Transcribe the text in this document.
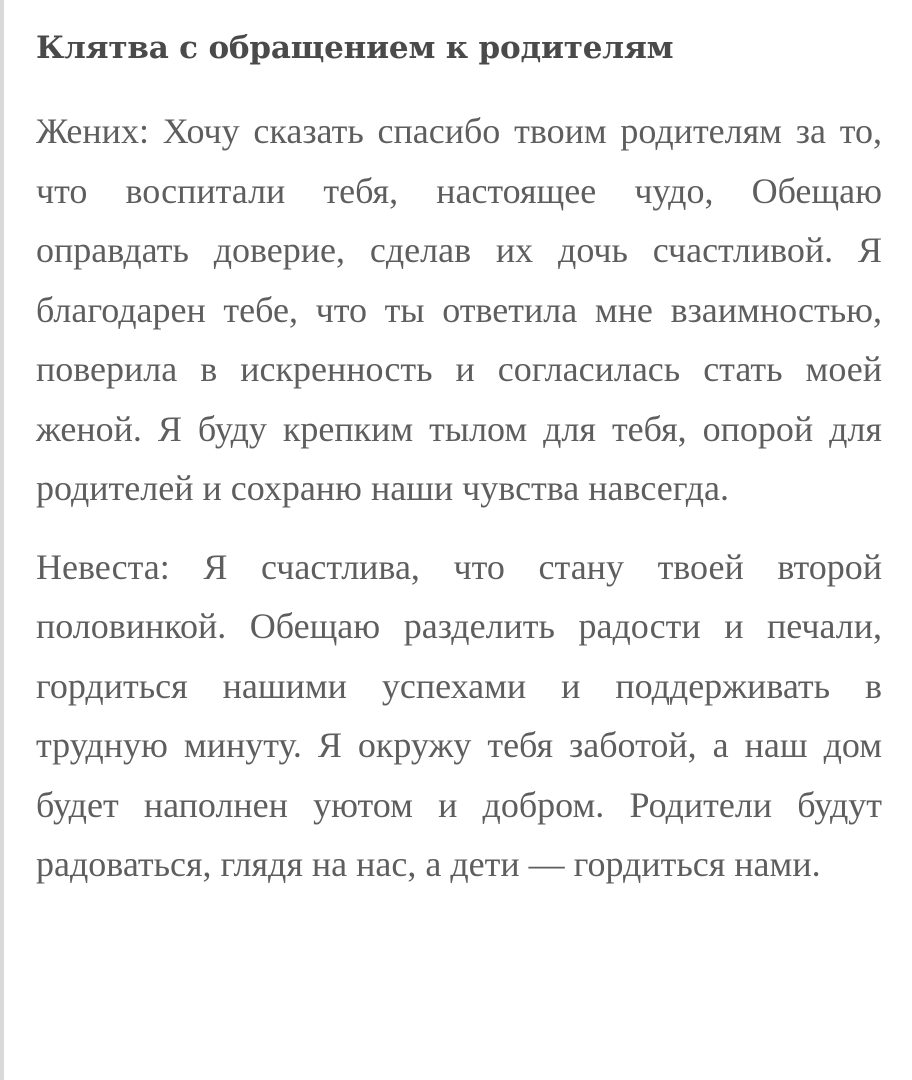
Клятва с обращением к родителям

Жених: Хочу сказать спасибо твоим родителям за то, что воспитали тебя, настоящее чудо, Обещаю оправдать доверие, сделав их дочь счастливой. Я благодарен тебе, что ты ответила мне взаимностью, поверила в искренность и согласилась стать моей женой. Я буду крепким тылом для тебя, опорой для родителей и сохраню наши чувства навсегда.

Невеста: Я счастлива, что стану твоей второй половинкой. Обещаю разделить радости и печали, гордиться нашими успехами и поддерживать в трудную минуту. Я окружу тебя заботой, а наш дом будет наполнен уютом и добром. Родители будут радоваться, глядя на нас, а дети — гордиться нами.
